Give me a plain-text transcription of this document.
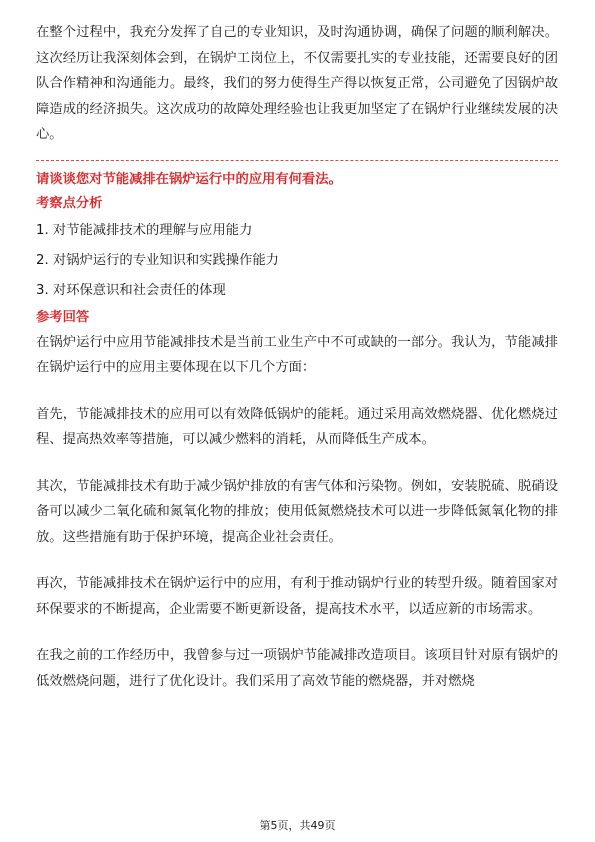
在整个过程中，我充分发挥了自己的专业知识，及时沟通协调，确保了问题的顺利解决。这次经历让我深刻体会到，在锅炉工岗位上，不仅需要扎实的专业技能，还需要良好的团队合作精神和沟通能力。最终，我们的努力使得生产得以恢复正常，公司避免了因锅炉故障造成的经济损失。这次成功的故障处理经验也让我更加坚定了在锅炉行业继续发展的决心。

请谈谈您对节能减排在锅炉运行中的应用有何看法。

考察点分析

1. 对节能减排技术的理解与应用能力

2. 对锅炉运行的专业知识和实践操作能力

3. 对环保意识和社会责任的体现

参考回答

在锅炉运行中应用节能减排技术是当前工业生产中不可或缺的一部分。我认为，节能减排在锅炉运行中的应用主要体现在以下几个方面：

首先，节能减排技术的应用可以有效降低锅炉的能耗。通过采用高效燃烧器、优化燃烧过程、提高热效率等措施，可以减少燃料的消耗，从而降低生产成本。

其次，节能减排技术有助于减少锅炉排放的有害气体和污染物。例如，安装脱硫、脱硝设备可以减少二氧化硫和氮氧化物的排放；使用低氮燃烧技术可以进一步降低氮氧化物的排放。这些措施有助于保护环境，提高企业社会责任。

再次，节能减排技术在锅炉运行中的应用，有利于推动锅炉行业的转型升级。随着国家对环保要求的不断提高，企业需要不断更新设备，提高技术水平，以适应新的市场需求。

在我之前的工作经历中，我曾参与过一项锅炉节能减排改造项目。该项目针对原有锅炉的低效燃烧问题，进行了优化设计。我们采用了高效节能的燃烧器，并对燃烧

第5页，共49页
